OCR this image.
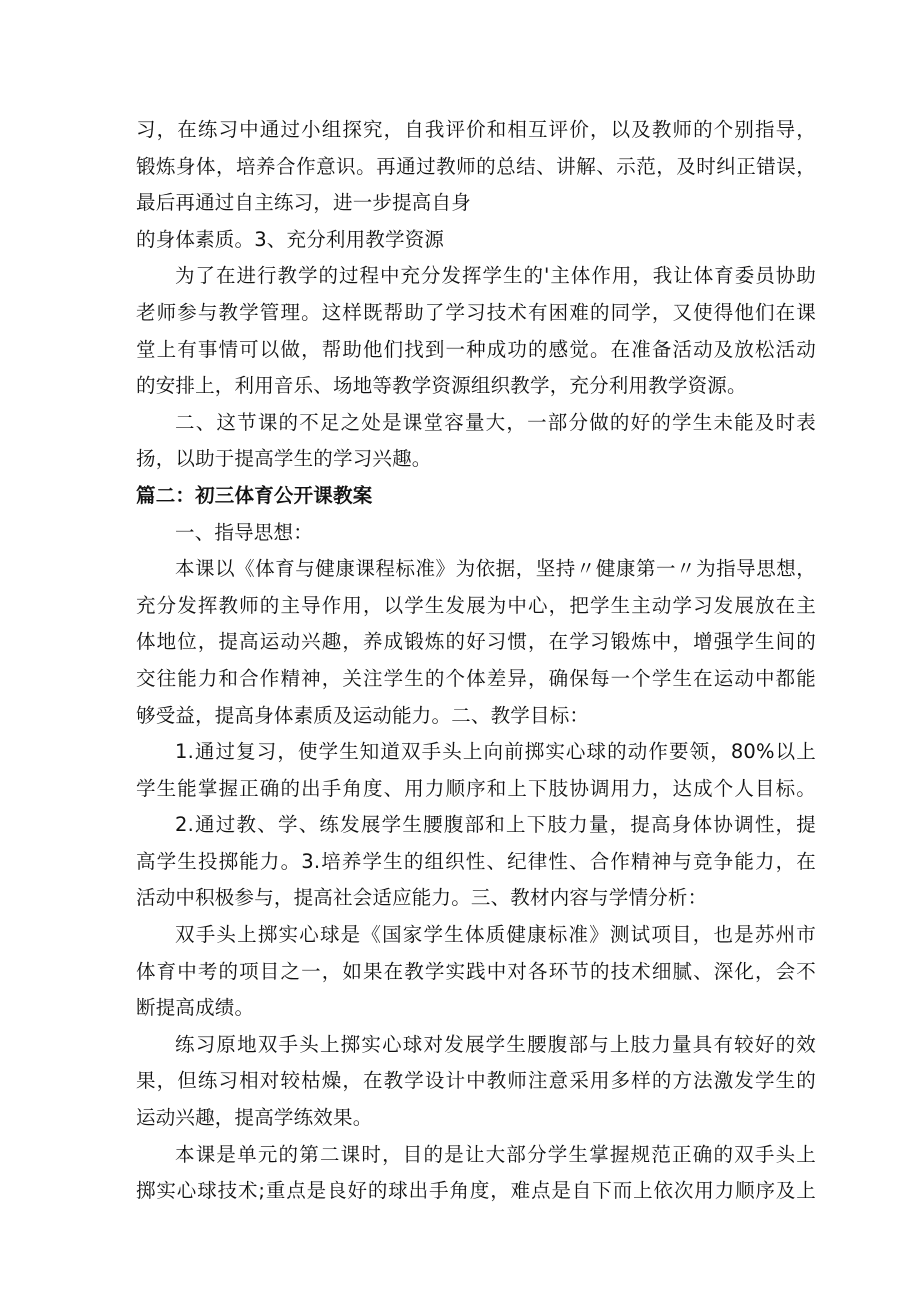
习，在练习中通过小组探究，自我评价和相互评价，以及教师的个别指导，
锻炼身体，培养合作意识。再通过教师的总结、讲解、示范，及时纠正错误，
最后再通过自主练习，进一步提高自身
的身体素质。3、充分利用教学资源
为了在进行教学的过程中充分发挥学生的'主体作用，我让体育委员协助
老师参与教学管理。这样既帮助了学习技术有困难的同学，又使得他们在课
堂上有事情可以做，帮助他们找到一种成功的感觉。在准备活动及放松活动
的安排上，利用音乐、场地等教学资源组织教学，充分利用教学资源。
二、这节课的不足之处是课堂容量大，一部分做的好的学生未能及时表
扬，以助于提高学生的学习兴趣。
篇二：初三体育公开课教案
一、指导思想：
本课以《体育与健康课程标准》为依据，坚持〃健康第一〃为指导思想，
充分发挥教师的主导作用，以学生发展为中心，把学生主动学习发展放在主
体地位，提高运动兴趣，养成锻炼的好习惯，在学习锻炼中，增强学生间的
交往能力和合作精神，关注学生的个体差异，确保每一个学生在运动中都能
够受益，提高身体素质及运动能力。二、教学目标：
1.通过复习，使学生知道双手头上向前掷实心球的动作要领，80%以上
学生能掌握正确的出手角度、用力顺序和上下肢协调用力，达成个人目标。
2.通过教、学、练发展学生腰腹部和上下肢力量，提高身体协调性，提
高学生投掷能力。3.培养学生的组织性、纪律性、合作精神与竞争能力，在
活动中积极参与，提高社会适应能力。三、教材内容与学情分析：
双手头上掷实心球是《国家学生体质健康标准》测试项目，也是苏州市
体育中考的项目之一，如果在教学实践中对各环节的技术细腻、深化，会不
断提高成绩。
练习原地双手头上掷实心球对发展学生腰腹部与上肢力量具有较好的效
果，但练习相对较枯燥，在教学设计中教师注意采用多样的方法激发学生的
运动兴趣，提高学练效果。
本课是单元的第二课时，目的是让大部分学生掌握规范正确的双手头上
掷实心球技术;重点是良好的球出手角度，难点是自下而上依次用力顺序及上
